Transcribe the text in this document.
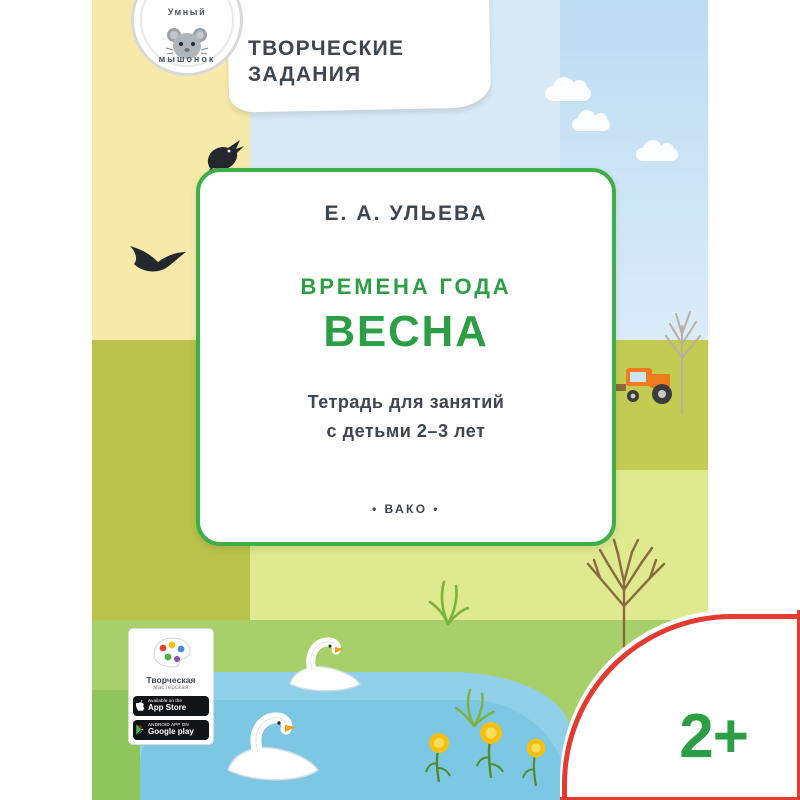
2+
ТВОРЧЕСКИЕ
ЗАДАНИЯ
Умный
мышонок
Е. А. УЛЬЕВА
ВРЕМЕНА ГОДА
ВЕСНА
Тетрадь для занятий
с детьми 2–3 лет
• ВАКО •
Творческая
мастерская
Available on the
App Store
ANDROID APP ON
Google play
